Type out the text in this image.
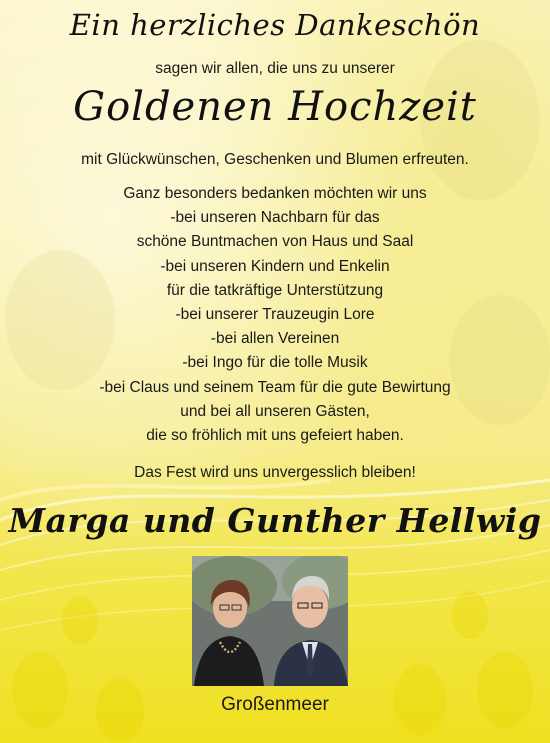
Ein herzliches Dankeschön
sagen wir allen, die uns zu unserer
Goldenen Hochzeit
mit Glückwünschen, Geschenken und Blumen erfreuten.
Ganz besonders bedanken möchten wir uns
-bei unseren Nachbarn für das
schöne Buntmachen von Haus und Saal
-bei unseren Kindern und Enkelin
für die tatkräftige Unterstützung
-bei unserer Trauzeugin Lore
-bei allen Vereinen
-bei Ingo für die tolle Musik
-bei Claus und seinem Team für die gute Bewirtung
und bei all unseren Gästen,
die so fröhlich mit uns gefeiert haben.
Das Fest wird uns unvergesslich bleiben!
Marga und Gunther Hellwig
Großenmeer
